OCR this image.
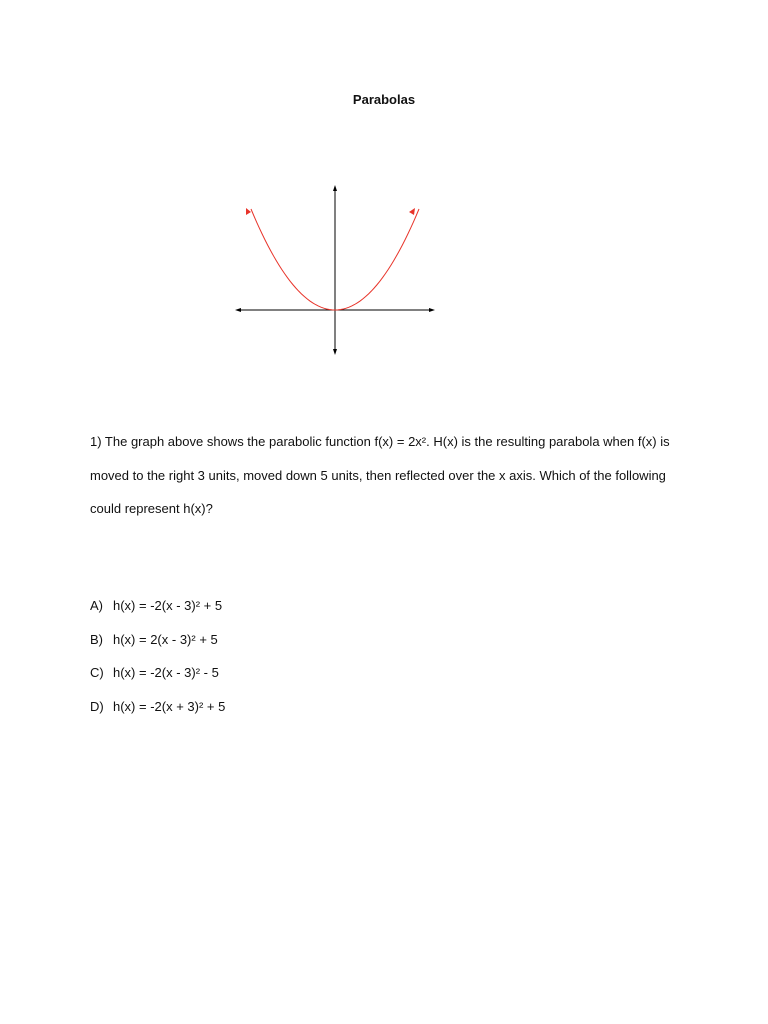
Parabolas

1) The graph above shows the parabolic function f(x) = 2x². H(x) is the resulting parabola when f(x) is moved to the right 3 units, moved down 5 units, then reflected over the x axis. Which of the following could represent h(x)?

A) h(x) = -2(x - 3)² + 5
B) h(x) = 2(x - 3)² + 5
C) h(x) = -2(x - 3)² - 5
D) h(x) = -2(x + 3)² + 5
